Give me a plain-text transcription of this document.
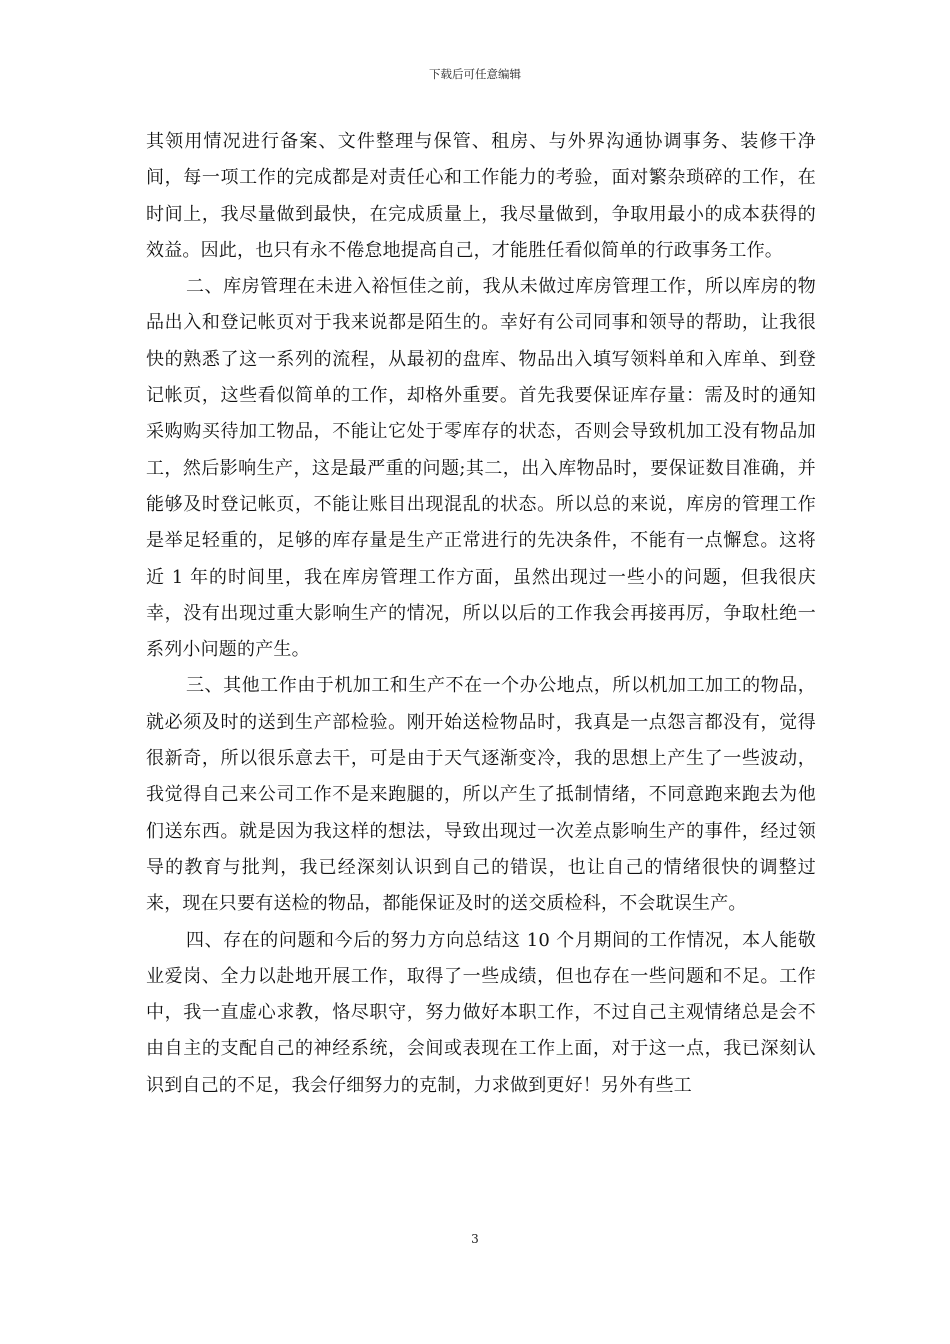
下载后可任意编辑

其领用情况进行备案、文件整理与保管、租房、与外界沟通协调事务、装修干净间，每一项工作的完成都是对责任心和工作能力的考验，面对繁杂琐碎的工作，在时间上，我尽量做到最快，在完成质量上，我尽量做到，争取用最小的成本获得的效益。因此，也只有永不倦怠地提高自己，才能胜任看似简单的行政事务工作。

二、库房管理在未进入裕恒佳之前，我从未做过库房管理工作，所以库房的物品出入和登记帐页对于我来说都是陌生的。幸好有公司同事和领导的帮助，让我很快的熟悉了这一系列的流程，从最初的盘库、物品出入填写领料单和入库单、到登记帐页，这些看似简单的工作，却格外重要。首先我要保证库存量：需及时的通知采购购买待加工物品，不能让它处于零库存的状态，否则会导致机加工没有物品加工，然后影响生产，这是最严重的问题;其二，出入库物品时，要保证数目准确，并能够及时登记帐页，不能让账目出现混乱的状态。所以总的来说，库房的管理工作是举足轻重的，足够的库存量是生产正常进行的先决条件，不能有一点懈怠。这将近 1 年的时间里，我在库房管理工作方面，虽然出现过一些小的问题，但我很庆幸，没有出现过重大影响生产的情况，所以以后的工作我会再接再厉，争取杜绝一系列小问题的产生。

三、其他工作由于机加工和生产不在一个办公地点，所以机加工加工的物品，就必须及时的送到生产部检验。刚开始送检物品时，我真是一点怨言都没有，觉得很新奇，所以很乐意去干，可是由于天气逐渐变冷，我的思想上产生了一些波动，我觉得自己来公司工作不是来跑腿的，所以产生了抵制情绪，不同意跑来跑去为他们送东西。就是因为我这样的想法，导致出现过一次差点影响生产的事件，经过领导的教育与批判，我已经深刻认识到自己的错误，也让自己的情绪很快的调整过来，现在只要有送检的物品，都能保证及时的送交质检科，不会耽误生产。

四、存在的问题和今后的努力方向总结这 10 个月期间的工作情况，本人能敬业爱岗、全力以赴地开展工作，取得了一些成绩，但也存在一些问题和不足。工作中，我一直虚心求教，恪尽职守，努力做好本职工作，不过自己主观情绪总是会不由自主的支配自己的神经系统，会间或表现在工作上面，对于这一点，我已深刻认识到自己的不足，我会仔细努力的克制，力求做到更好！另外有些工

3
